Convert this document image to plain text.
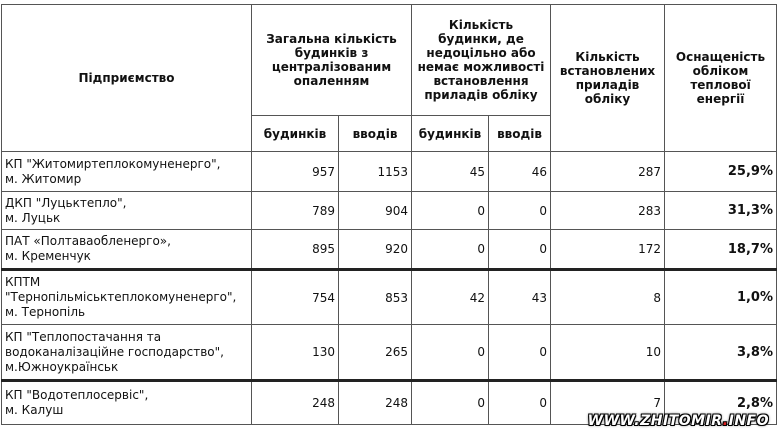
Підприємство	Загальна кількість будинків з централізованим опаленням		Кількість будинки, де недоцільно або немає можливості встановлення приладів обліку		Кількість встановлених приладів обліку	Оснащеність обліком теплової енергії
	будинків	вводів	будинків	вводів		
КП "Житомиртеплокомуненерго",
м. Житомир	957	1153	45	46	287	25,9%
ДКП "Луцьктепло",
м. Луцьк	789	904	0	0	283	31,3%
ПАТ «Полтаваобленерго»,
м. Кременчук	895	920	0	0	172	18,7%
КПТМ
"Тернопільміськтеплокомуненерго",
м. Тернопіль	754	853	42	43	8	1,0%
КП "Теплопостачання та
водоканалізаційне господарство",
м.Южноукраїнськ	130	265	0	0	10	3,8%
КП "Водотеплосервіс",
м. Калуш	248	248	0	0	7	2,8%
WWW.ZHITOMIR.INFO
